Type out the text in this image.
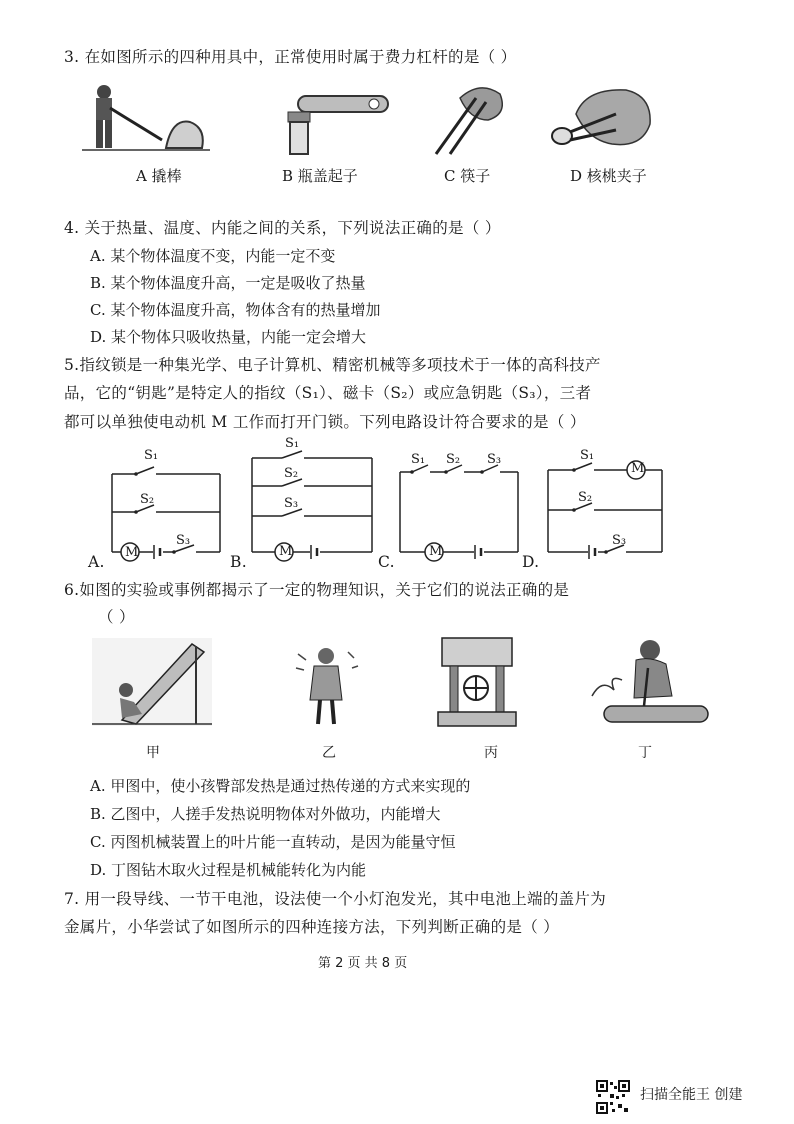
3. 在如图所示的四种用具中，正常使用时属于费力杠杆的是（ ）
A 撬棒	B 瓶盖起子	C 筷子	D 核桃夹子
4. 关于热量、温度、内能之间的关系，下列说法正确的是（ ）
A. 某个物体温度不变，内能一定不变
B. 某个物体温度升高，一定是吸收了热量
C. 某个物体温度升高，物体含有的热量增加
D. 某个物体只吸收热量，内能一定会增大
5.指纹锁是一种集光学、电子计算机、精密机械等多项技术于一体的高科技产
品，它的“钥匙”是特定人的指纹（S₁）、磁卡（S₂）或应急钥匙（S₃），三者
都可以单独使电动机 M 工作而打开门锁。下列电路设计符合要求的是（ ）
S₁
S₂
S₃
M
A.
S₁
S₂
S₃
M
B.
S₁ S₂ S₃
M
C.
S₁
S₂
S₃
M
D.
6.如图的实验或事例都揭示了一定的物理知识，关于它们的说法正确的是
（ ）
甲	乙	丙	丁
A. 甲图中，使小孩臀部发热是通过热传递的方式来实现的
B. 乙图中，人搓手发热说明物体对外做功，内能增大
C. 丙图机械装置上的叶片能一直转动，是因为能量守恒
D. 丁图钻木取火过程是机械能转化为内能
7. 用一段导线、一节干电池，设法使一个小灯泡发光，其中电池上端的盖片为
金属片，小华尝试了如图所示的四种连接方法，下列判断正确的是（ ）
第 2 页 共 8 页
扫描全能王 创建
